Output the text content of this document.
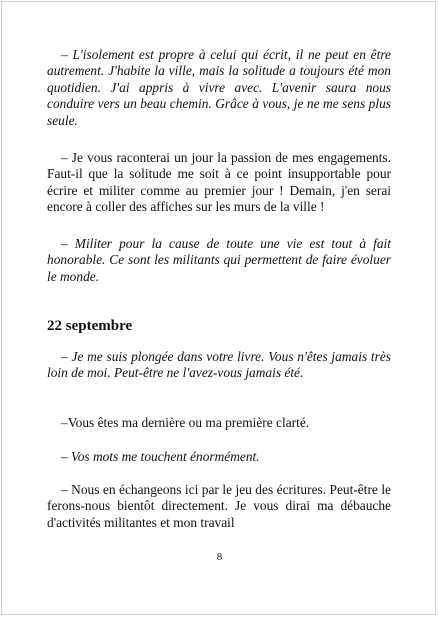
– L'isolement est propre à celui qui écrit, il ne peut en être autrement. J'habite la ville, mais la solitude a toujours été mon quotidien. J'ai appris à vivre avec. L'avenir saura nous conduire vers un beau chemin. Grâce à vous, je ne me sens plus seule.

– Je vous raconterai un jour la passion de mes engagements. Faut-il que la solitude me soit à ce point insupportable pour écrire et militer comme au premier jour ! Demain, j'en serai encore à coller des affiches sur les murs de la ville !

– Militer pour la cause de toute une vie est tout à fait honorable. Ce sont les militants qui permettent de faire évoluer le monde.

22 septembre

– Je me suis plongée dans votre livre. Vous n'êtes jamais très loin de moi. Peut-être ne l'avez-vous jamais été.

–Vous êtes ma dernière ou ma première clarté.

– Vos mots me touchent énormément.

– Nous en échangeons ici par le jeu des écritures. Peut-être le ferons-nous bientôt directement. Je vous dirai ma débauche d'activités militantes et mon travail

8
